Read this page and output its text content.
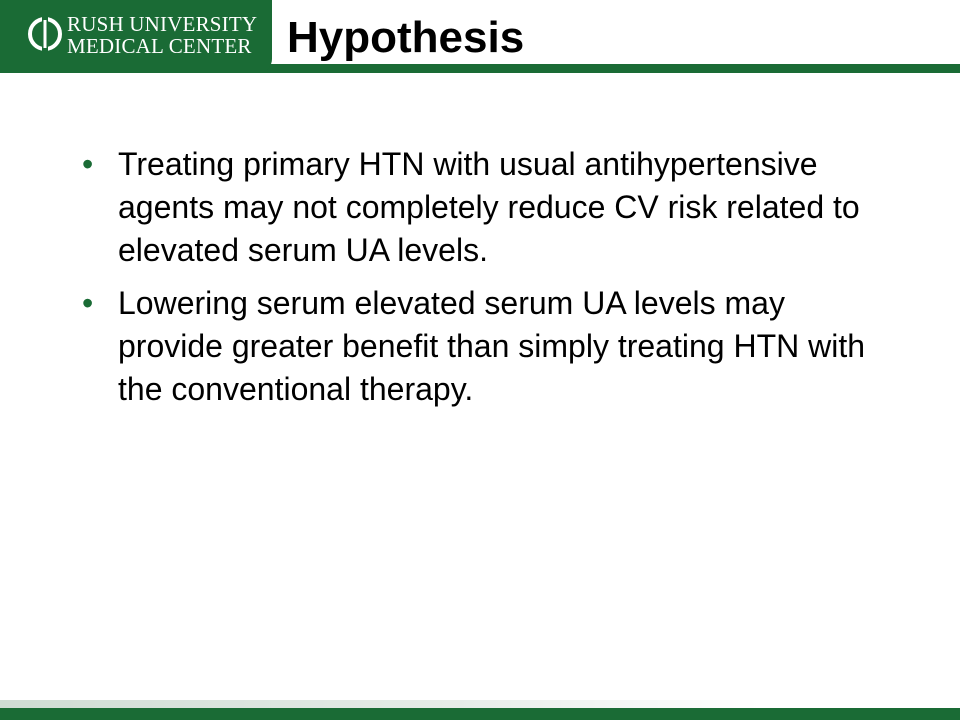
RUSH UNIVERSITY
MEDICAL CENTER Hypothesis
• Treating primary HTN with usual antihypertensive agents may not completely reduce CV risk related to elevated serum UA levels.
• Lowering serum elevated serum UA levels may provide greater benefit than simply treating HTN with the conventional therapy.
